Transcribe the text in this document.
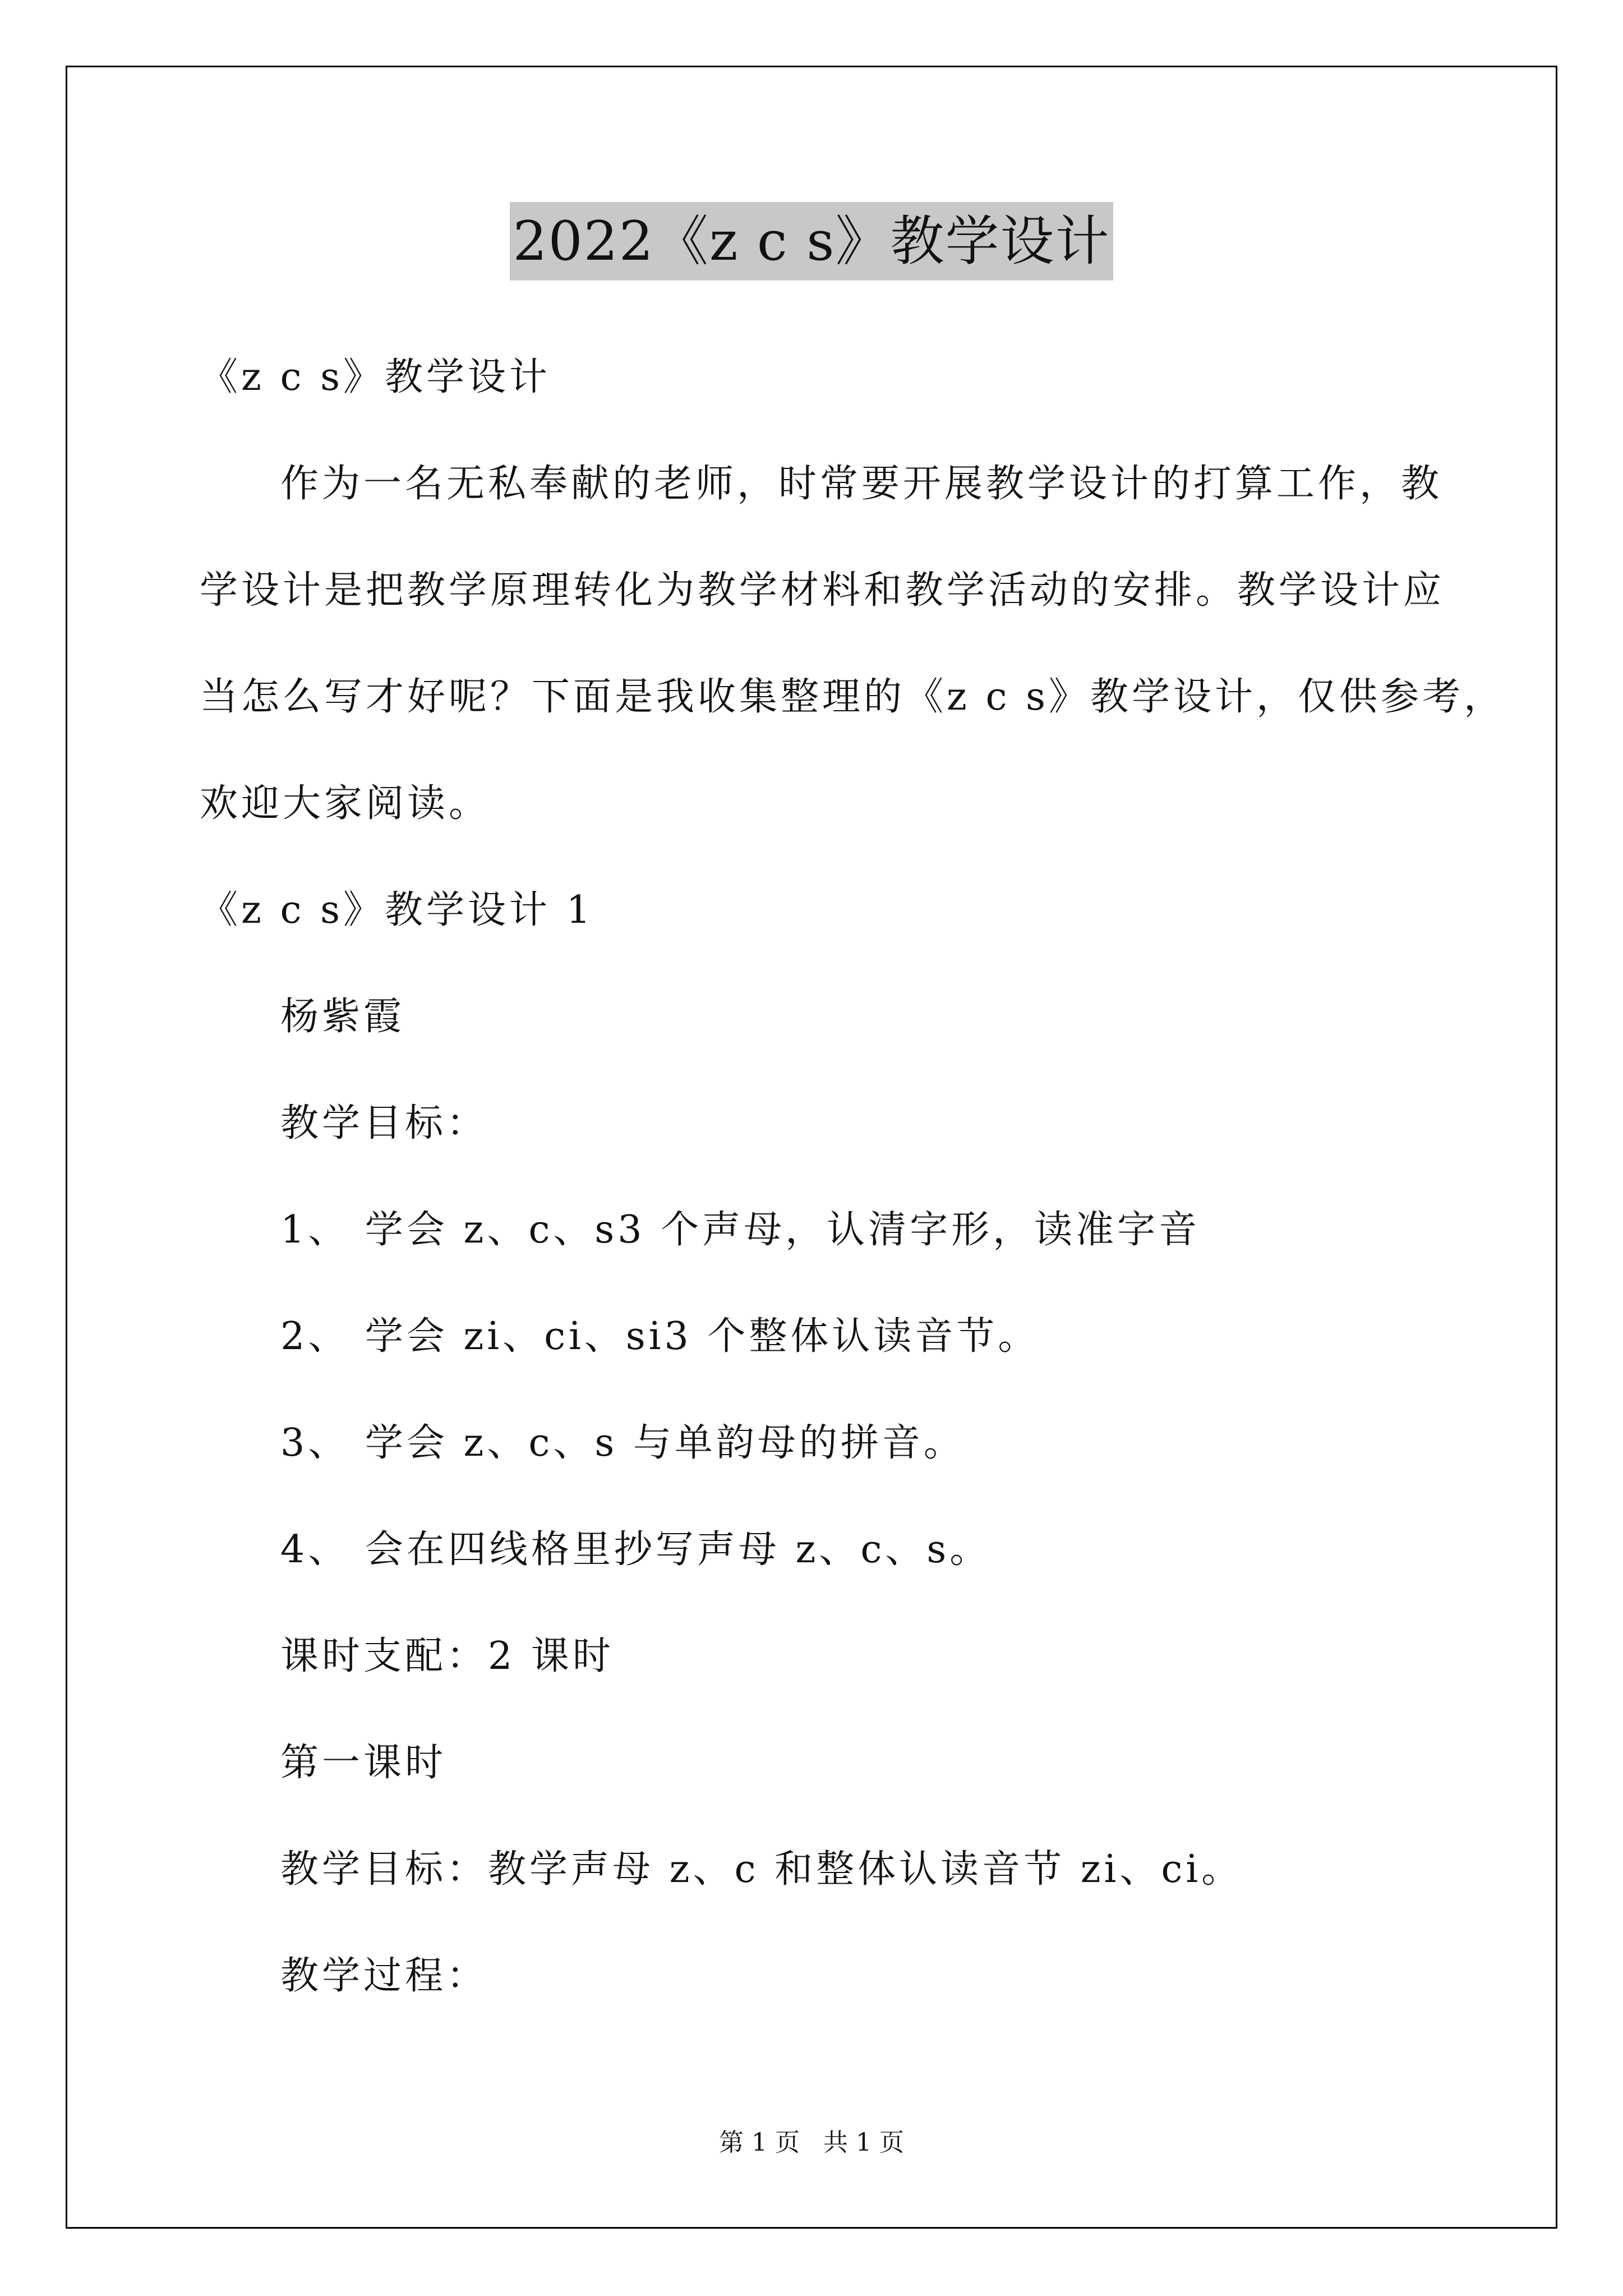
2022《z c s》教学设计
《z c s》教学设计
作为一名无私奉献的老师，时常要开展教学设计的打算工作，教
学设计是把教学原理转化为教学材料和教学活动的安排。教学设计应
当怎么写才好呢？下面是我收集整理的《z c s》教学设计，仅供参考，
欢迎大家阅读。
《z c s》教学设计 1
杨紫霞
教学目标：
1、 学会 z、c、s3 个声母，认清字形，读准字音
2、 学会 zi、ci、si3 个整体认读音节。
3、 学会 z、c、s 与单韵母的拼音。
4、 会在四线格里抄写声母 z、c、s。
课时支配：2 课时
第一课时
教学目标：教学声母 z、c 和整体认读音节 zi、ci。
教学过程：
第 1 页 共 1 页
